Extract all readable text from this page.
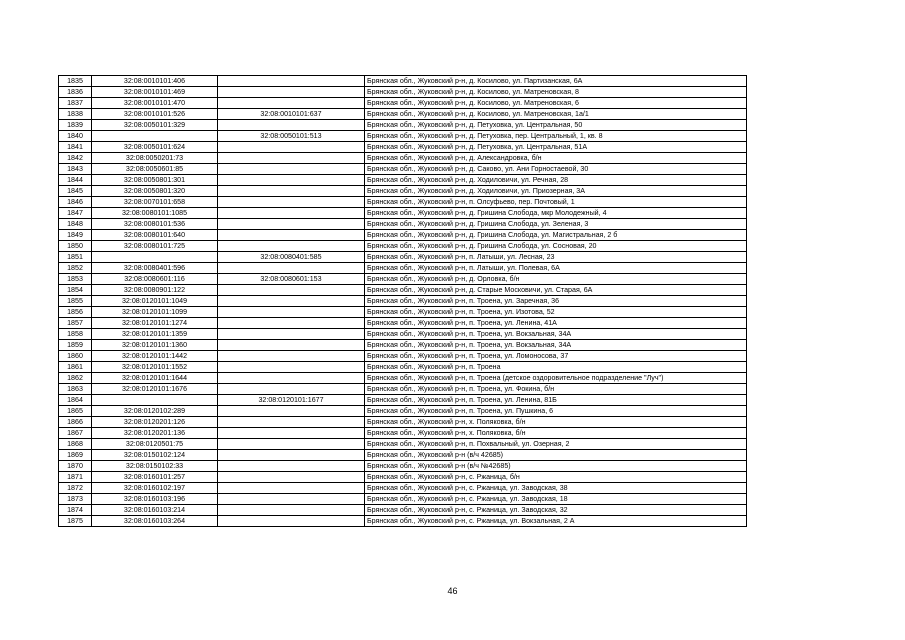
1835	32:08:0010101:406		Брянская обл., Жуковский р-н, д. Косилово, ул. Партизанская, 6А
1836	32:08:0010101:469		Брянская обл., Жуковский р-н, д. Косилово, ул. Матреновская, 8
1837	32:08:0010101:470		Брянская обл., Жуковский р-н, д. Косилово, ул. Матреновская, 6
1838	32:08:0010101:526	32:08:0010101:637	Брянская обл., Жуковский р-н, д. Косилово, ул. Матреновская, 1а/1
1839	32:08:0050101:329		Брянская обл., Жуковский р-н, д. Петуховка, ул. Центральная, 50
1840		32:08:0050101:513	Брянская обл., Жуковский р-н, д. Петуховка, пер. Центральный, 1, кв. 8
1841	32:08:0050101:624		Брянская обл., Жуковский р-н, д. Петуховка, ул. Центральная, 51А
1842	32:08:0050201:73		Брянская обл., Жуковский р-н, д. Александровка, б/н
1843	32:08:0050601:85		Брянская обл., Жуковский р-н, д. Саково, ул. Ани Горностаевой, 30
1844	32:08:0050801:301		Брянская обл., Жуковский р-н, д. Ходиловичи, ул. Речная, 28
1845	32:08:0050801:320		Брянская обл., Жуковский р-н, д. Ходиловичи, ул. Приозерная, 3А
1846	32:08:0070101:658		Брянская обл., Жуковский р-н, п. Олсуфьево, пер. Почтовый, 1
1847	32:08:0080101:1085		Брянская обл., Жуковский р-н, д. Гришина Слобода, мкр Молодежный, 4
1848	32:08:0080101:536		Брянская обл., Жуковский р-н, д. Гришина Слобода, ул. Зеленая, 3
1849	32:08:0080101:640		Брянская обл., Жуковский р-н, д. Гришина Слобода, ул. Магистральная, 2 б
1850	32:08:0080101:725		Брянская обл., Жуковский р-н, д. Гришина Слобода, ул. Сосновая, 20
1851		32:08:0080401:585	Брянская обл., Жуковский р-н, п. Латыши, ул. Лесная, 23
1852	32:08:0080401:596		Брянская обл., Жуковский р-н, п. Латыши, ул. Полевая, 6А
1853	32:08:0080601:116	32:08:0080601:153	Брянская обл., Жуковский р-н, д. Орловка, б/н
1854	32:08:0080901:122		Брянская обл., Жуковский р-н, д. Старые Московичи, ул. Старая, 6А
1855	32:08:0120101:1049		Брянская обл., Жуковский р-н, п. Троена, ул. Заречная, 36
1856	32:08:0120101:1099		Брянская обл., Жуковский р-н, п. Троена, ул. Изотова, 52
1857	32:08:0120101:1274		Брянская обл., Жуковский р-н, п. Троена, ул. Ленина, 41А
1858	32:08:0120101:1359		Брянская обл., Жуковский р-н, п. Троена, ул. Вокзальная, 34А
1859	32:08:0120101:1360		Брянская обл., Жуковский р-н, п. Троена, ул. Вокзальная, 34А
1860	32:08:0120101:1442		Брянская обл., Жуковский р-н, п. Троена, ул. Ломоносова, 37
1861	32:08:0120101:1552		Брянская обл., Жуковский р-н, п. Троена
1862	32:08:0120101:1644		Брянская обл., Жуковский р-н, п. Троена (детское оздоровительное подразделение "Луч")
1863	32:08:0120101:1676		Брянская обл., Жуковский р-н, п. Троена, ул. Фокина, б/н
1864		32:08:0120101:1677	Брянская обл., Жуковский р-н, п. Троена, ул. Ленина, 81Б
1865	32:08:0120102:289		Брянская обл., Жуковский р-н, п. Троена, ул. Пушкина, 6
1866	32:08:0120201:126		Брянская обл., Жуковский р-н, х. Поляковка, б/н
1867	32:08:0120201:136		Брянская обл., Жуковский р-н, х. Поляковка, б/н
1868	32:08:0120501:75		Брянская обл., Жуковский р-н, п. Похвальный, ул. Озерная, 2
1869	32:08:0150102:124		Брянская обл., Жуковский р-н (в/ч 42685)
1870	32:08:0150102:33		Брянская обл., Жуковский р-н (в/ч №42685)
1871	32:08:0160101:257		Брянская обл., Жуковский р-н, с. Ржаница, б/н
1872	32:08:0160102:197		Брянская обл., Жуковский р-н, с. Ржаница, ул. Заводская, 38
1873	32:08:0160103:196		Брянская обл., Жуковский р-н, с. Ржаница, ул. Заводская, 18
1874	32:08:0160103:214		Брянская обл., Жуковский р-н, с. Ржаница, ул. Заводская, 32
1875	32:08:0160103:264		Брянская обл., Жуковский р-н, с. Ржаница, ул. Вокзальная, 2 А
46
